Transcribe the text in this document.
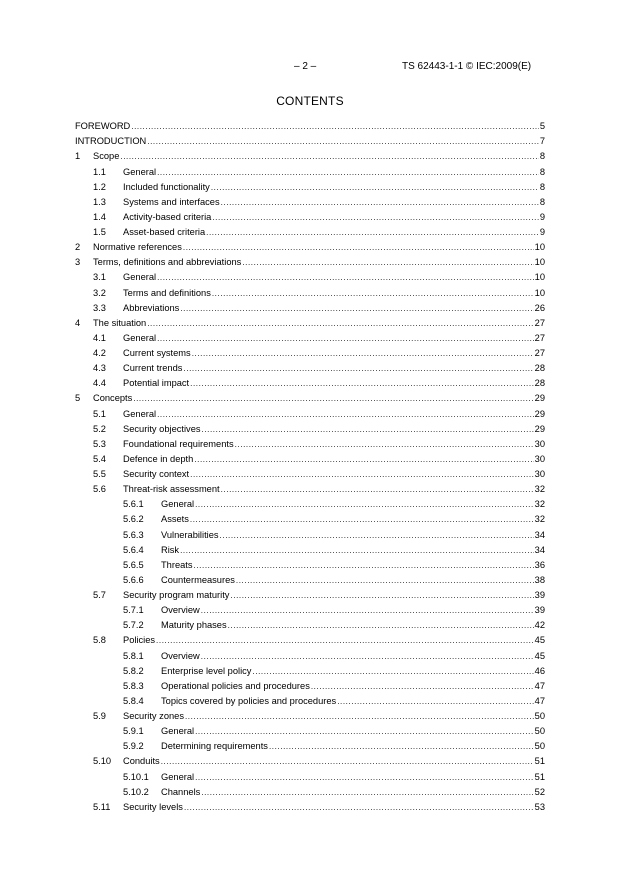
– 2 –	TS 62443-1-1 © IEC:2009(E)
CONTENTS
FOREWORD .....	5
INTRODUCTION .....	7
1	Scope .....	8
1.1	General .....	8
1.2	Included functionality .....	8
1.3	Systems and interfaces .....	8
1.4	Activity-based criteria .....	9
1.5	Asset-based criteria .....	9
2	Normative references .....	10
3	Terms, definitions and abbreviations .....	10
3.1	General .....	10
3.2	Terms and definitions .....	10
3.3	Abbreviations .....	26
4	The situation .....	27
4.1	General .....	27
4.2	Current systems .....	27
4.3	Current trends .....	28
4.4	Potential impact .....	28
5	Concepts .....	29
5.1	General .....	29
5.2	Security objectives .....	29
5.3	Foundational requirements .....	30
5.4	Defence in depth .....	30
5.5	Security context .....	30
5.6	Threat-risk assessment .....	32
5.6.1	General .....	32
5.6.2	Assets .....	32
5.6.3	Vulnerabilities .....	34
5.6.4	Risk .....	34
5.6.5	Threats .....	36
5.6.6	Countermeasures .....	38
5.7	Security program maturity .....	39
5.7.1	Overview .....	39
5.7.2	Maturity phases .....	42
5.8	Policies .....	45
5.8.1	Overview .....	45
5.8.2	Enterprise level policy .....	46
5.8.3	Operational policies and procedures .....	47
5.8.4	Topics covered by policies and procedures .....	47
5.9	Security zones .....	50
5.9.1	General .....	50
5.9.2	Determining requirements .....	50
5.10	Conduits .....	51
5.10.1	General .....	51
5.10.2	Channels .....	52
5.11	Security levels .....	53
